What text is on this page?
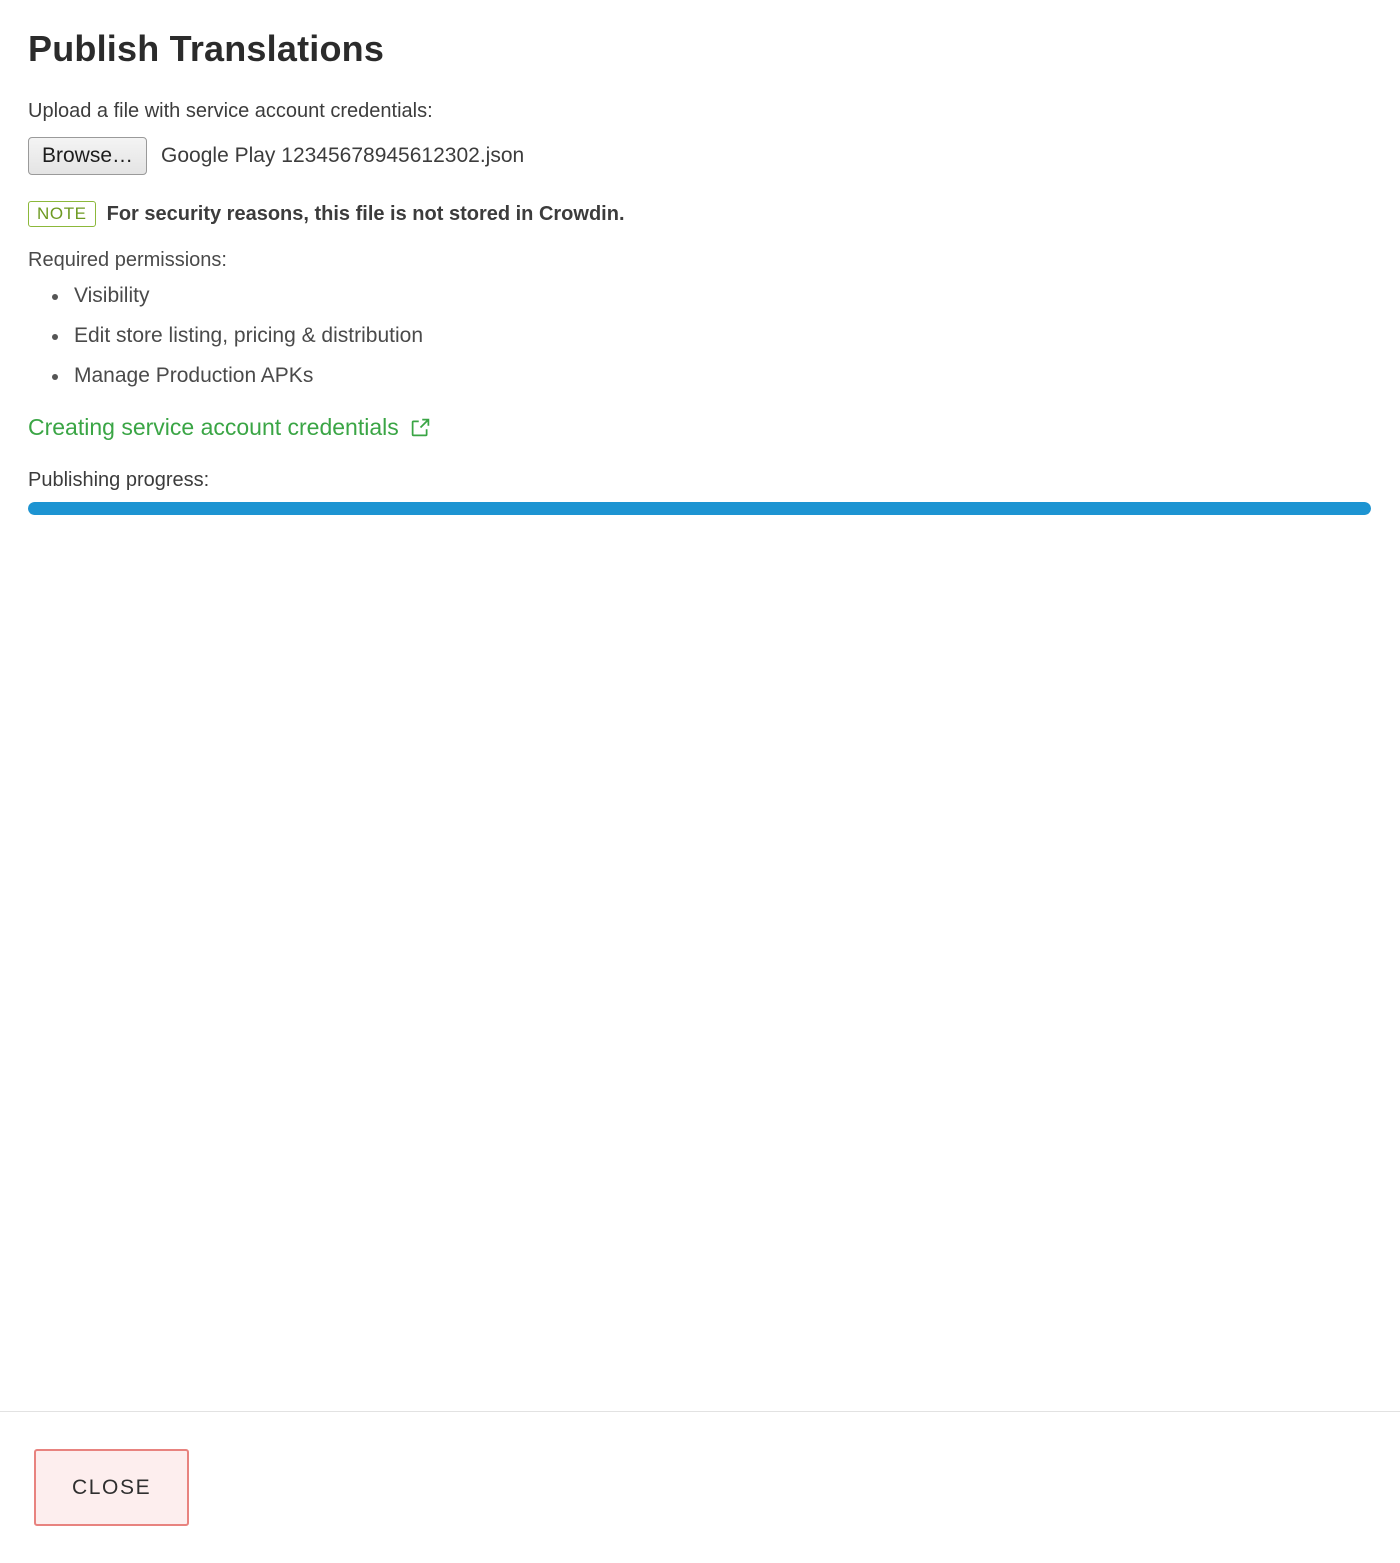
Publish Translations

Upload a file with service account credentials:

Browse…	Google Play 12345678945612302.json
NOTE	For security reasons, this file is not stored in Crowdin.

Required permissions:

Visibility
Edit store listing, pricing & distribution
Manage Production APKs
Creating service account credentials

Publishing progress:

CLOSE
